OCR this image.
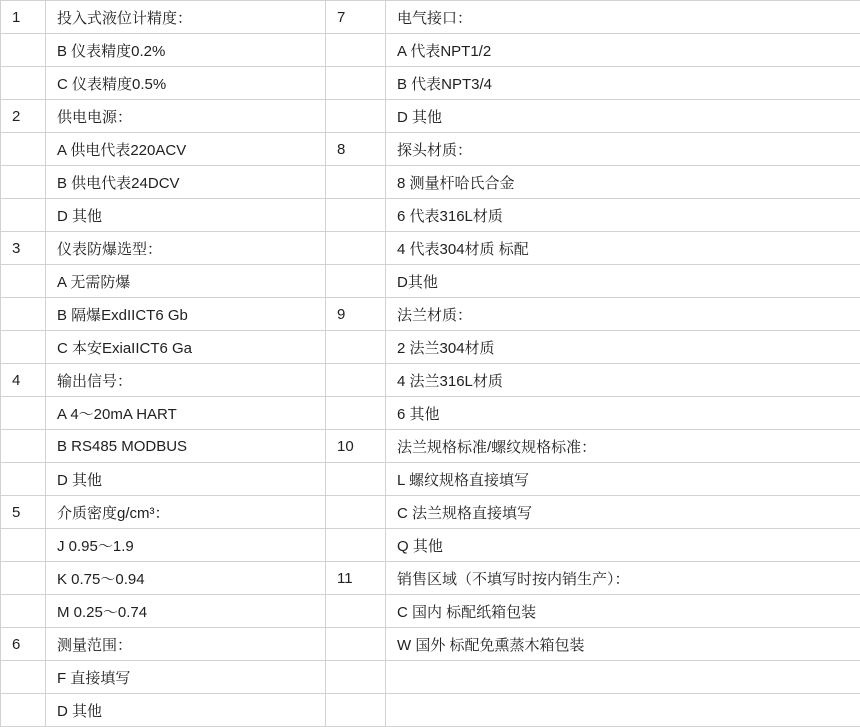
1	投入式液位计精度：	7	电气接口：
	B 仪表精度0.2%		A 代表NPT1/2
	C 仪表精度0.5%		B 代表NPT3/4
2	供电电源：		D 其他
	A 供电代表220ACV	8	探头材质：
	B 供电代表24DCV		8 测量杆哈氏合金
	D 其他		6 代表316L材质
3	仪表防爆选型：		4 代表304材质 标配
	A 无需防爆		D其他
	B 隔爆ExdIICT6 Gb	9	法兰材质：
	C 本安ExiaIICT6 Ga		2 法兰304材质
4	输出信号：		4 法兰316L材质
	A 4～20mA HART		6 其他
	B RS485 MODBUS	10	法兰规格标准/螺纹规格标准：
	D 其他		L 螺纹规格直接填写
5	介质密度g/cm³：		C 法兰规格直接填写
	J 0.95～1.9		Q 其他
	K 0.75～0.94	11	销售区域（不填写时按内销生产）：
	M 0.25～0.74		C 国内 标配纸箱包装
6	测量范围：		W 国外 标配免熏蒸木箱包装
	F 直接填写		
	D 其他		
